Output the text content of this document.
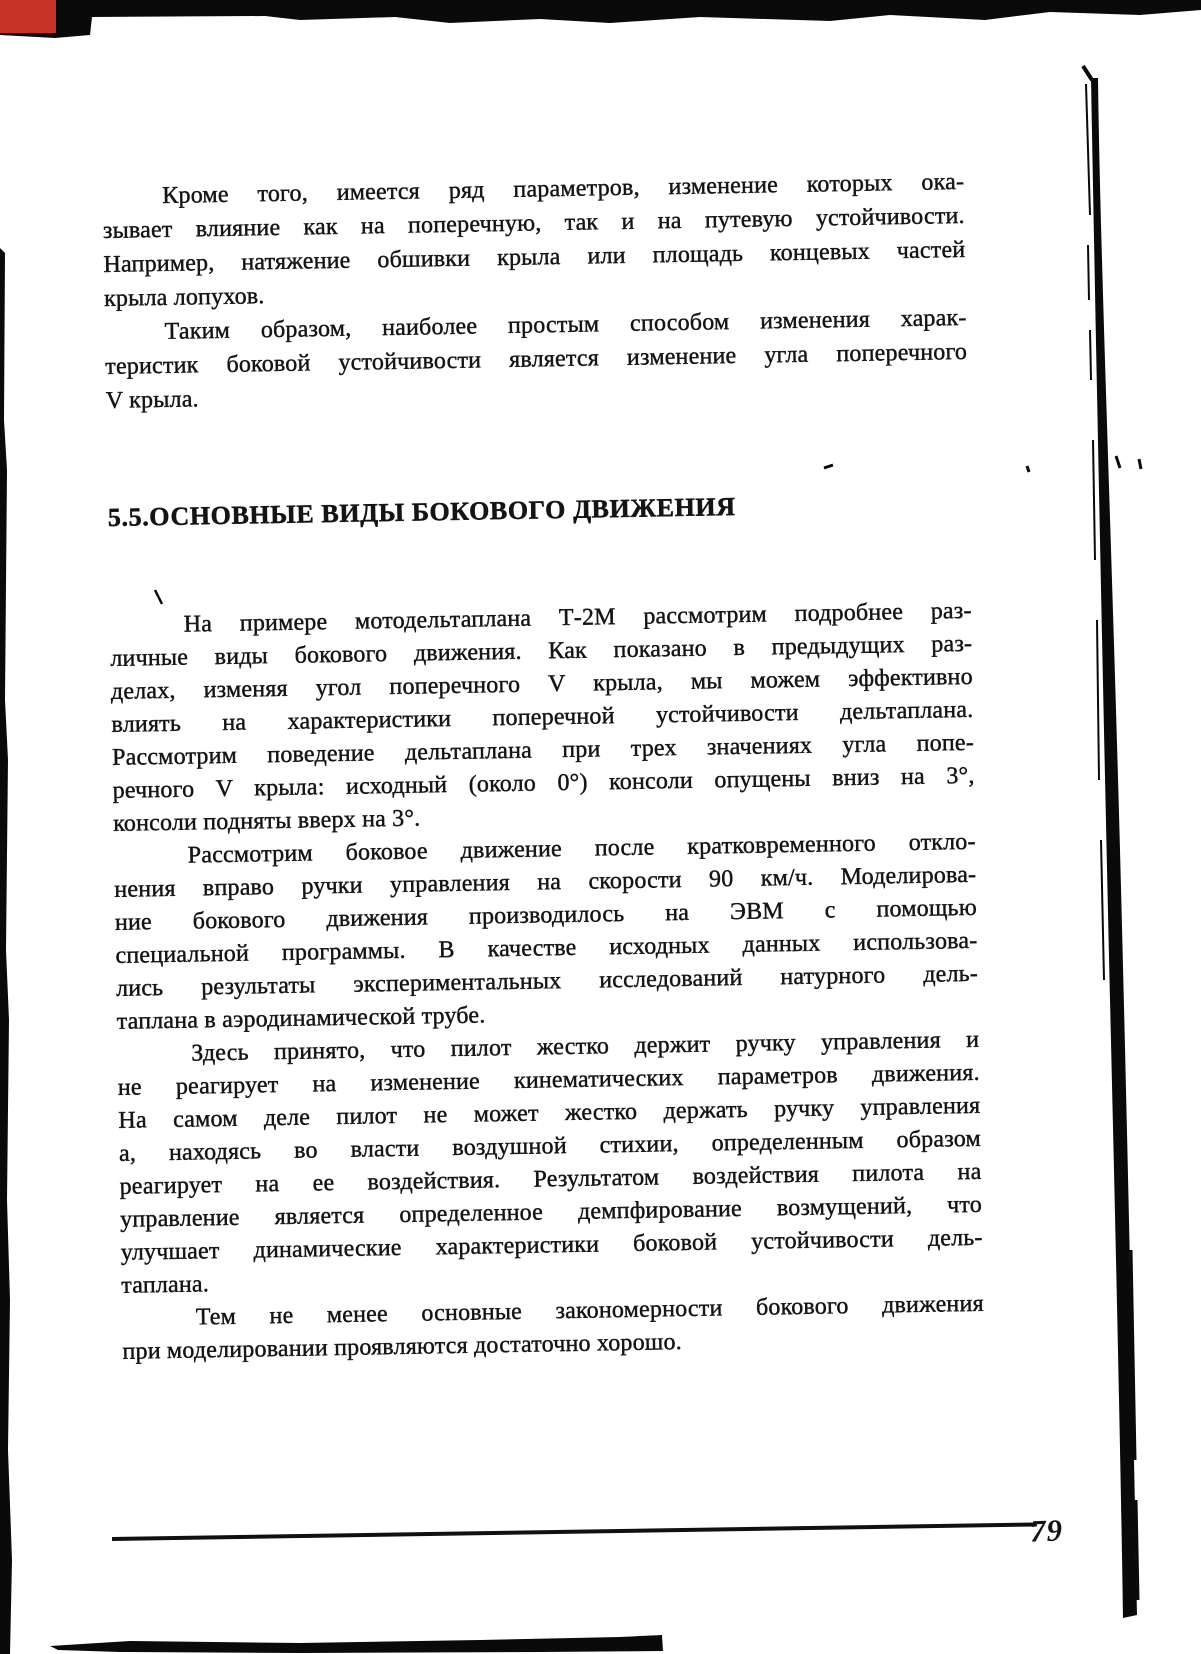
Кроме того, имеется ряд параметров, изменение которых ока-
зывает влияние как на поперечную, так и на путевую устойчивости.
Например, натяжение обшивки крыла или площадь концевых частей
крыла лопухов.
Таким образом, наиболее простым способом изменения харак-
теристик боковой устойчивости является изменение угла поперечного
V крыла.
5.5.ОСНОВНЫЕ ВИДЫ БОКОВОГО ДВИЖЕНИЯ
На примере мотодельтаплана Т-2М рассмотрим подробнее раз-
личные виды бокового движения. Как показано в предыдущих раз-
делах, изменяя угол поперечного V крыла, мы можем эффективно
влиять на характеристики поперечной устойчивости дельтаплана.
Рассмотрим поведение дельтаплана при трех значениях угла попе-
речного V крыла: исходный (около 0°) консоли опущены вниз на 3°,
консоли подняты вверх на 3°.
Рассмотрим боковое движение после кратковременного откло-
нения вправо ручки управления на скорости 90 км/ч. Моделирова-
ние бокового движения производилось на ЭВМ с помощью
специальной программы. В качестве исходных данных использова-
лись результаты экспериментальных исследований натурного дель-
таплана в аэродинамической трубе.
Здесь принято, что пилот жестко держит ручку управления и
не реагирует на изменение кинематических параметров движения.
На самом деле пилот не может жестко держать ручку управления
а, находясь во власти воздушной стихии, определенным образом
реагирует на ее воздействия. Результатом воздействия пилота на
управление является определенное демпфирование возмущений, что
улучшает динамические характеристики боковой устойчивости дель-
таплана.
Тем не менее основные закономерности бокового движения
при моделировании проявляются достаточно хорошо.
79
